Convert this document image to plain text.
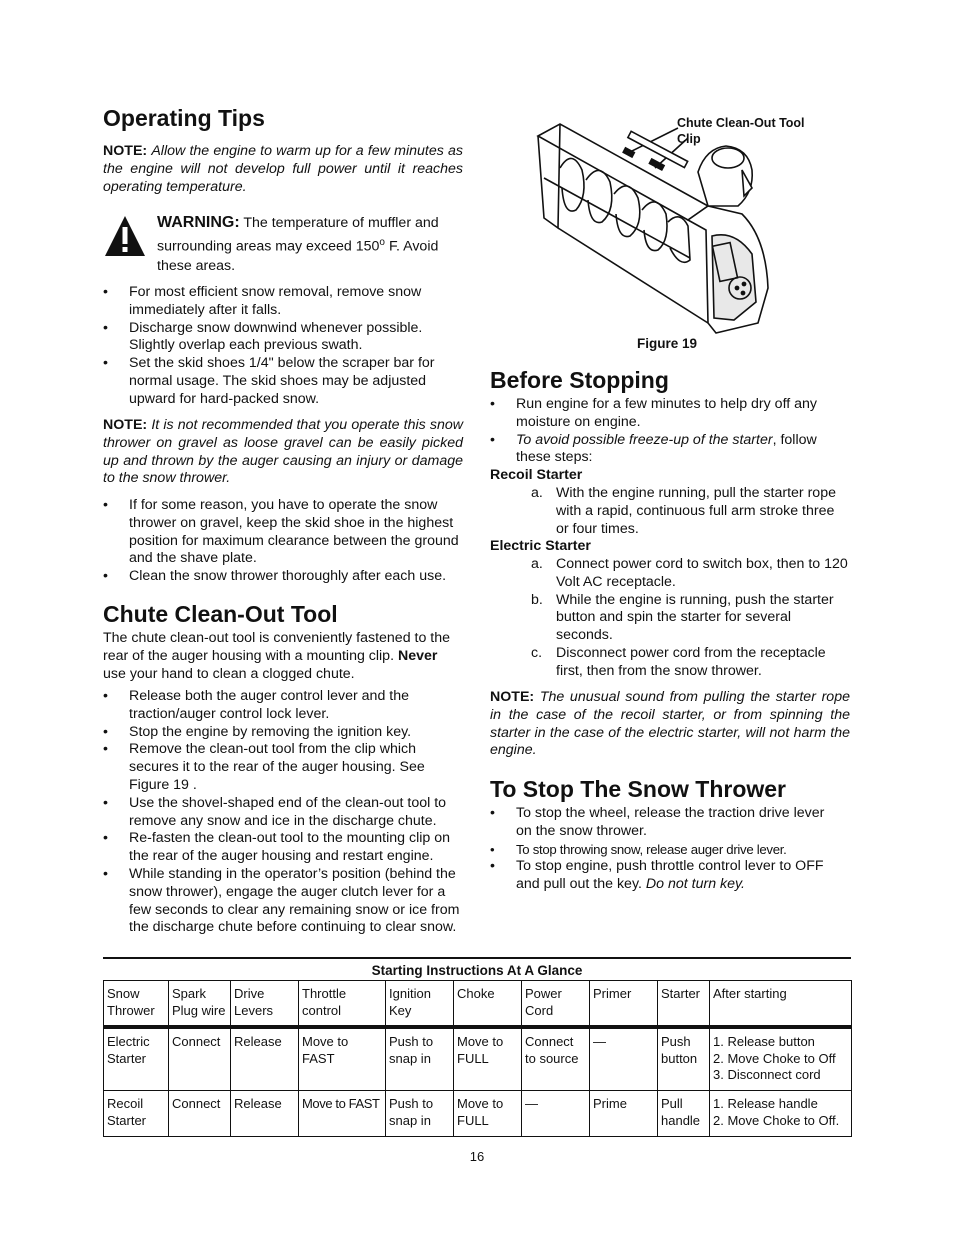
Operating Tips

NOTE: Allow the engine to warm up for a few minutes as the engine will not develop full power until it reaches operating temperature.

WARNING: The temperature of muffler and surrounding areas may exceed 150$^o$ F. Avoid these areas.

• For most efficient snow removal, remove snow immediately after it falls.
• Discharge snow downwind whenever possible. Slightly overlap each previous swath.
• Set the skid shoes 1/4" below the scraper bar for normal usage. The skid shoes may be adjusted upward for hard-packed snow.

NOTE: It is not recommended that you operate this snow thrower on gravel as loose gravel can be easily picked up and thrown by the auger causing an injury or damage to the snow thrower.

• If for some reason, you have to operate the snow thrower on gravel, keep the skid shoe in the highest position for maximum clearance between the ground and the shave plate.
• Clean the snow thrower thoroughly after each use.
Chute Clean-Out Tool

The chute clean-out tool is conveniently fastened to the rear of the auger housing with a mounting clip. Never use your hand to clean a clogged chute.

• Release both the auger control lever and the traction/auger control lock lever.
• Stop the engine by removing the ignition key.
• Remove the clean-out tool from the clip which secures it to the rear of the auger housing. See Figure 19 .
• Use the shovel-shaped end of the clean-out tool to remove any snow and ice in the discharge chute.
• Re-fasten the clean-out tool to the mounting clip on the rear of the auger housing and restart engine.
• While standing in the operator’s position (behind the snow thrower), engage the auger clutch lever for a few seconds to clear any remaining snow or ice from the discharge chute before continuing to clear snow.
Chute Clean-Out Tool
Clip
Figure 19
Before Stopping
• Run engine for a few minutes to help dry off any moisture on engine.
• To avoid possible freeze-up of the starter, follow these steps:
Recoil Starter
a. With the engine running, pull the starter rope with a rapid, continuous full arm stroke three or four times.
Electric Starter
a. Connect power cord to switch box, then to 120 Volt AC receptacle.
b. While the engine is running, push the starter button and spin the starter for several seconds.
c. Disconnect power cord from the receptacle first, then from the snow thrower.

NOTE: The unusual sound from pulling the starter rope in the case of the recoil starter, or from spinning the starter in the case of the electric starter, will not harm the engine.

To Stop The Snow Thrower
• To stop the wheel, release the traction drive lever on the snow thrower.
• To stop throwing snow, release auger drive lever.
• To stop engine, push throttle control lever to OFF and pull out the key. Do not turn key.
Starting Instructions At A Glance
Snow Thrower	Spark Plug wire	Drive Levers	Throttle control	Ignition Key	Choke	Power Cord	Primer	Starter	After starting
Electric Starter	Connect	Release	Move to FAST	Push to snap in	Move to FULL	Connect to source	—	Push button	1. Release button
2. Move Choke to Off
3. Disconnect cord
Recoil Starter	Connect	Release	Move to FAST	Push to snap in	Move to FULL	—	Prime	Pull handle	1. Release handle
2. Move Choke to Off.
16
